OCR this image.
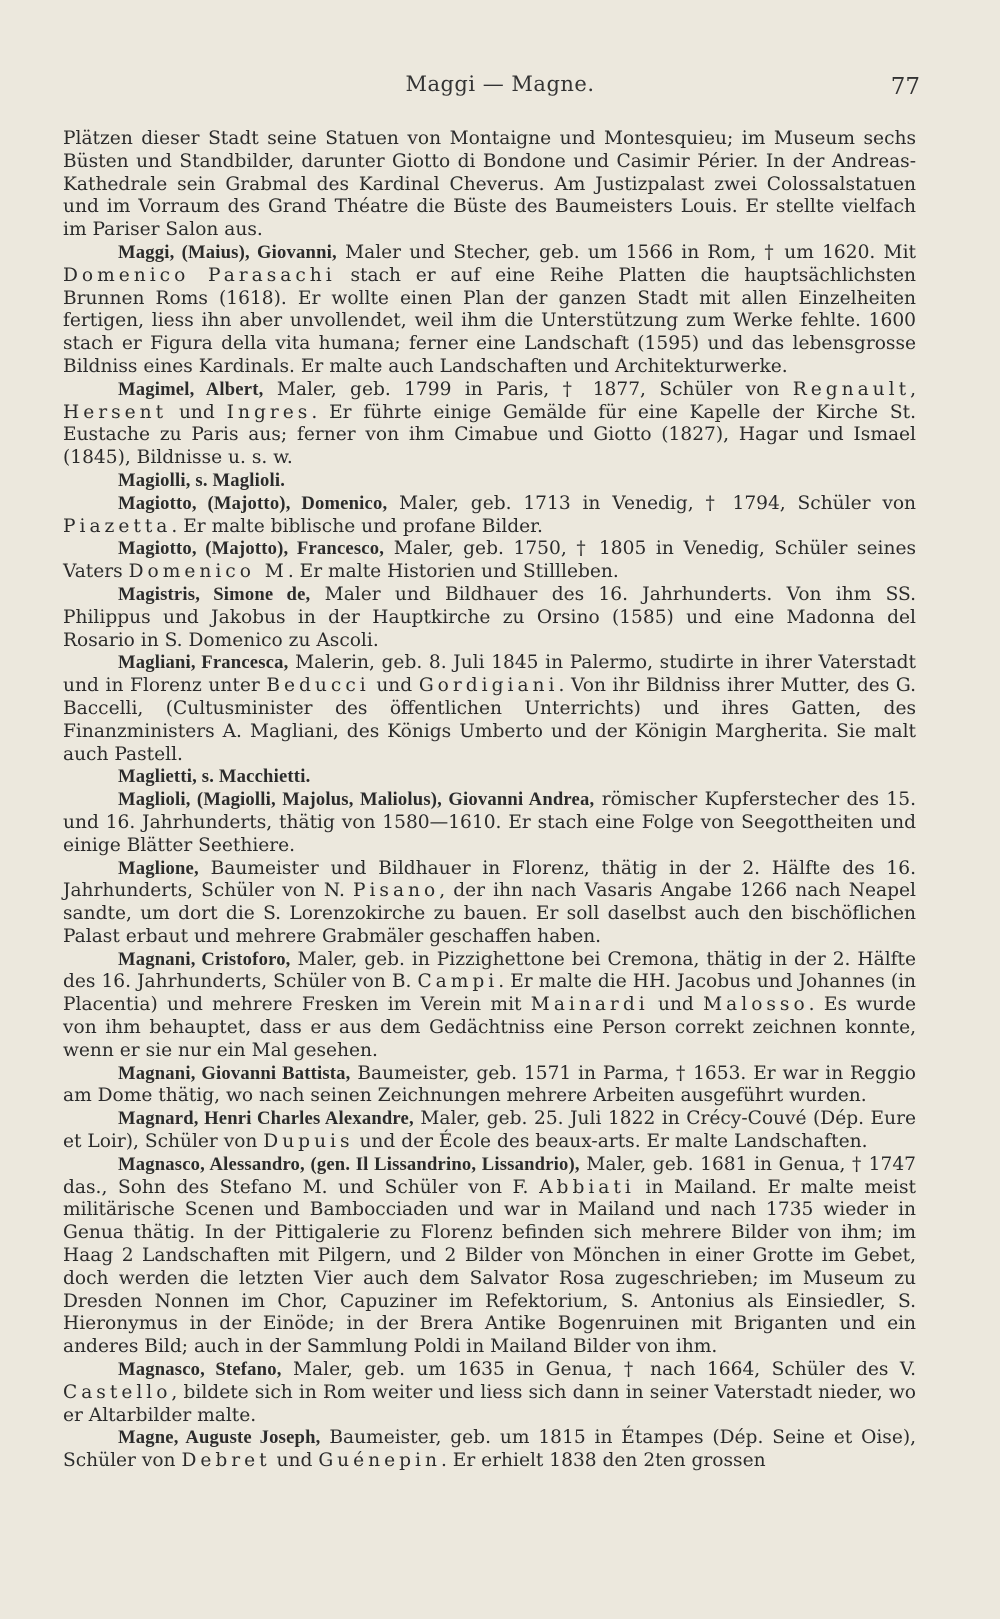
Maggi — Magne.	77

Plätzen dieser Stadt seine Statuen von Montaigne und Montesquieu; im Museum sechs Büsten und Standbilder, darunter Giotto di Bondone und Casimir Périer. In der Andreas-Kathedrale sein Grabmal des Kardinal Cheverus. Am Justizpalast zwei Colossalstatuen und im Vorraum des Grand Théatre die Büste des Baumeisters Louis. Er stellte vielfach im Pariser Salon aus.

Maggi, (Maius), Giovanni, Maler und Stecher, geb. um 1566 in Rom, † um 1620. Mit Domenico Parasachi stach er auf eine Reihe Platten die hauptsächlichsten Brunnen Roms (1618). Er wollte einen Plan der ganzen Stadt mit allen Einzelheiten fertigen, liess ihn aber unvollendet, weil ihm die Unterstützung zum Werke fehlte. 1600 stach er Figura della vita humana; ferner eine Landschaft (1595) und das lebensgrosse Bildniss eines Kardinals. Er malte auch Landschaften und Architekturwerke.

Magimel, Albert, Maler, geb. 1799 in Paris, † 1877, Schüler von Regnault, Hersent und Ingres. Er führte einige Gemälde für eine Kapelle der Kirche St. Eustache zu Paris aus; ferner von ihm Cimabue und Giotto (1827), Hagar und Ismael (1845), Bildnisse u. s. w.

Magiolli, s. Maglioli.

Magiotto, (Majotto), Domenico, Maler, geb. 1713 in Venedig, † 1794, Schüler von Piazetta. Er malte biblische und profane Bilder.

Magiotto, (Majotto), Francesco, Maler, geb. 1750, † 1805 in Venedig, Schüler seines Vaters Domenico M. Er malte Historien und Stillleben.

Magistris, Simone de, Maler und Bildhauer des 16. Jahrhunderts. Von ihm SS. Philippus und Jakobus in der Hauptkirche zu Orsino (1585) und eine Madonna del Rosario in S. Domenico zu Ascoli.

Magliani, Francesca, Malerin, geb. 8. Juli 1845 in Palermo, studirte in ihrer Vaterstadt und in Florenz unter Beducci und Gordigiani. Von ihr Bildniss ihrer Mutter, des G. Baccelli, (Cultusminister des öffentlichen Unterrichts) und ihres Gatten, des Finanzministers A. Magliani, des Königs Umberto und der Königin Margherita. Sie malt auch Pastell.

Maglietti, s. Macchietti.

Maglioli, (Magiolli, Majolus, Maliolus), Giovanni Andrea, römischer Kupferstecher des 15. und 16. Jahrhunderts, thätig von 1580—1610. Er stach eine Folge von Seegottheiten und einige Blätter Seethiere.

Maglione, Baumeister und Bildhauer in Florenz, thätig in der 2. Hälfte des 16. Jahrhunderts, Schüler von N. Pisano, der ihn nach Vasaris Angabe 1266 nach Neapel sandte, um dort die S. Lorenzokirche zu bauen. Er soll daselbst auch den bischöflichen Palast erbaut und mehrere Grabmäler geschaffen haben.

Magnani, Cristoforo, Maler, geb. in Pizzighettone bei Cremona, thätig in der 2. Hälfte des 16. Jahrhunderts, Schüler von B. Campi. Er malte die HH. Jacobus und Johannes (in Placentia) und mehrere Fresken im Verein mit Mainardi und Malosso. Es wurde von ihm behauptet, dass er aus dem Gedächtniss eine Person correkt zeichnen konnte, wenn er sie nur ein Mal gesehen.

Magnani, Giovanni Battista, Baumeister, geb. 1571 in Parma, † 1653. Er war in Reggio am Dome thätig, wo nach seinen Zeichnungen mehrere Arbeiten ausgeführt wurden.

Magnard, Henri Charles Alexandre, Maler, geb. 25. Juli 1822 in Crécy-Couvé (Dép. Eure et Loir), Schüler von Dupuis und der École des beaux-arts. Er malte Landschaften.

Magnasco, Alessandro, (gen. Il Lissandrino, Lissandrio), Maler, geb. 1681 in Genua, † 1747 das., Sohn des Stefano M. und Schüler von F. Abbiati in Mailand. Er malte meist militärische Scenen und Bambocciaden und war in Mailand und nach 1735 wieder in Genua thätig. In der Pittigalerie zu Florenz befinden sich mehrere Bilder von ihm; im Haag 2 Landschaften mit Pilgern, und 2 Bilder von Mönchen in einer Grotte im Gebet, doch werden die letzten Vier auch dem Salvator Rosa zugeschrieben; im Museum zu Dresden Nonnen im Chor, Capuziner im Refektorium, S. Antonius als Einsiedler, S. Hieronymus in der Einöde; in der Brera Antike Bogenruinen mit Briganten und ein anderes Bild; auch in der Sammlung Poldi in Mailand Bilder von ihm.

Magnasco, Stefano, Maler, geb. um 1635 in Genua, † nach 1664, Schüler des V. Castello, bildete sich in Rom weiter und liess sich dann in seiner Vaterstadt nieder, wo er Altarbilder malte.

Magne, Auguste Joseph, Baumeister, geb. um 1815 in Étampes (Dép. Seine et Oise), Schüler von Debret und Guénepin. Er erhielt 1838 den 2ten grossen
